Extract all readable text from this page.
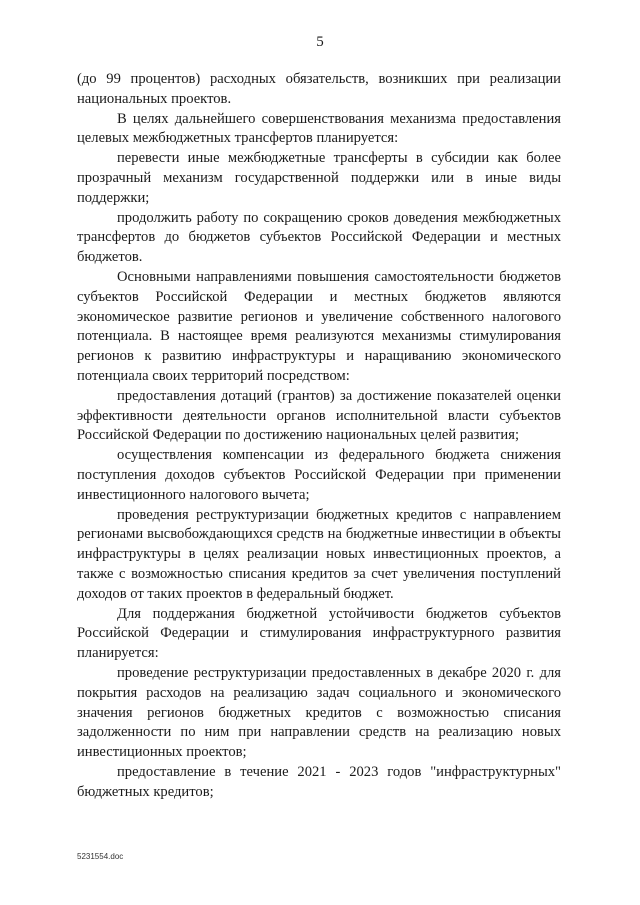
5

(до 99 процентов) расходных обязательств, возникших при реализации национальных проектов.

В целях дальнейшего совершенствования механизма предоставления целевых межбюджетных трансфертов планируется:

перевести иные межбюджетные трансферты в субсидии как более прозрачный механизм государственной поддержки или в иные виды поддержки;

продолжить работу по сокращению сроков доведения межбюджетных трансфертов до бюджетов субъектов Российской Федерации и местных бюджетов.

Основными направлениями повышения самостоятельности бюджетов субъектов Российской Федерации и местных бюджетов являются экономическое развитие регионов и увеличение собственного налогового потенциала. В настоящее время реализуются механизмы стимулирования регионов к развитию инфраструктуры и наращиванию экономического потенциала своих территорий посредством:

предоставления дотаций (грантов) за достижение показателей оценки эффективности деятельности органов исполнительной власти субъектов Российской Федерации по достижению национальных целей развития;

осуществления компенсации из федерального бюджета снижения поступления доходов субъектов Российской Федерации при применении инвестиционного налогового вычета;

проведения реструктуризации бюджетных кредитов с направлением регионами высвобождающихся средств на бюджетные инвестиции в объекты инфраструктуры в целях реализации новых инвестиционных проектов, а также с возможностью списания кредитов за счет увеличения поступлений доходов от таких проектов в федеральный бюджет.

Для поддержания бюджетной устойчивости бюджетов субъектов Российской Федерации и стимулирования инфраструктурного развития планируется:

проведение реструктуризации предоставленных в декабре 2020 г. для покрытия расходов на реализацию задач социального и экономического значения регионов бюджетных кредитов с возможностью списания задолженности по ним при направлении средств на реализацию новых инвестиционных проектов;

предоставление в течение 2021 - 2023 годов "инфраструктурных" бюджетных кредитов;

5231554.doc
